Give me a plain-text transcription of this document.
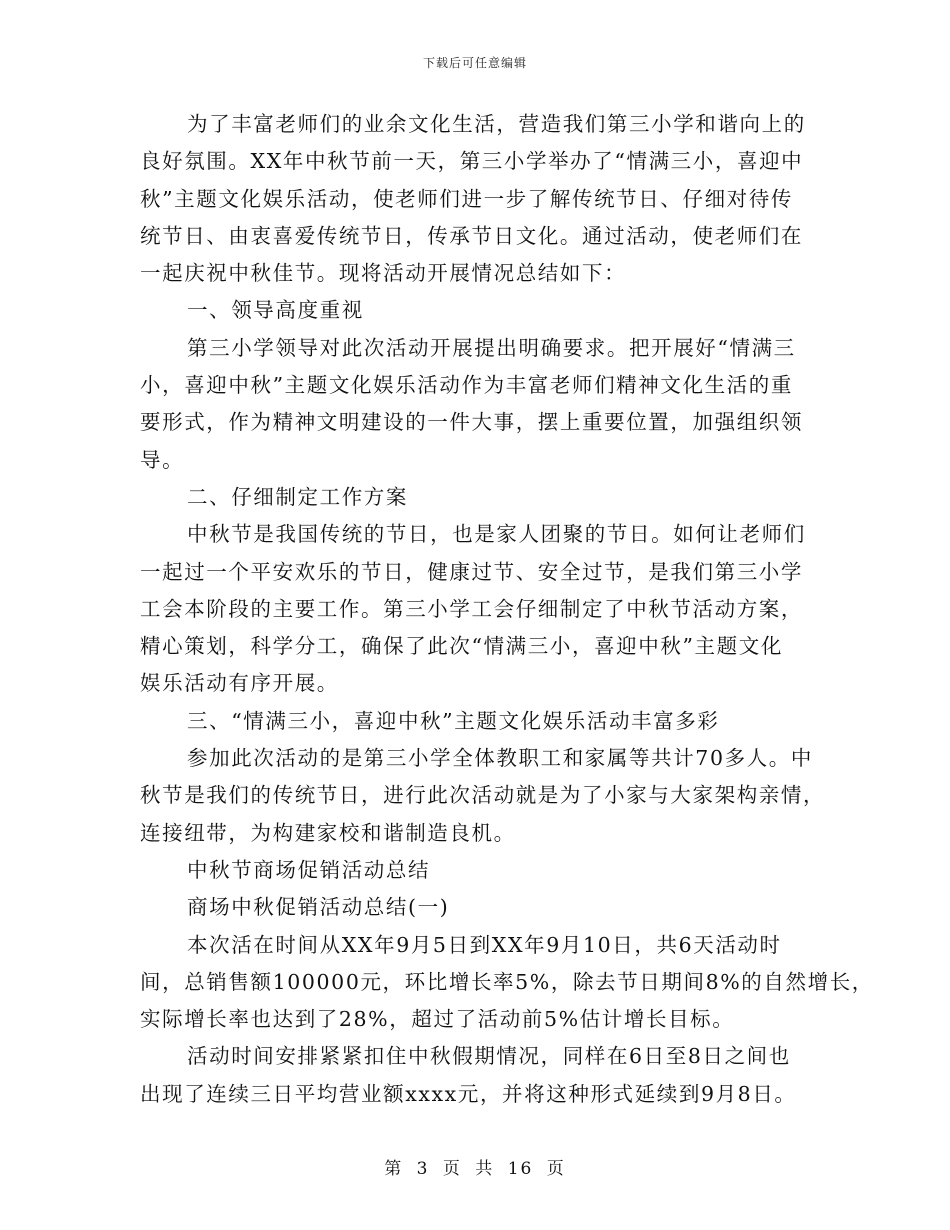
下载后可任意编辑
为了丰富老师们的业余文化生活，营造我们第三小学和谐向上的
良好氛围。XX年中秋节前一天，第三小学举办了“情满三小，喜迎中
秋”主题文化娱乐活动，使老师们进一步了解传统节日、仔细对待传
统节日、由衷喜爱传统节日，传承节日文化。通过活动，使老师们在
一起庆祝中秋佳节。现将活动开展情况总结如下：
一、领导高度重视
第三小学领导对此次活动开展提出明确要求。把开展好“情满三
小，喜迎中秋”主题文化娱乐活动作为丰富老师们精神文化生活的重
要形式，作为精神文明建设的一件大事，摆上重要位置，加强组织领
导。
二、仔细制定工作方案
中秋节是我国传统的节日，也是家人团聚的节日。如何让老师们
一起过一个平安欢乐的节日，健康过节、安全过节，是我们第三小学
工会本阶段的主要工作。第三小学工会仔细制定了中秋节活动方案，
精心策划，科学分工，确保了此次“情满三小，喜迎中秋”主题文化
娱乐活动有序开展。
三、“情满三小，喜迎中秋”主题文化娱乐活动丰富多彩
参加此次活动的是第三小学全体教职工和家属等共计70多人。中
秋节是我们的传统节日，进行此次活动就是为了小家与大家架构亲情，
连接纽带，为构建家校和谐制造良机。
中秋节商场促销活动总结
商场中秋促销活动总结(一)
本次活在时间从XX年9月5日到XX年9月10日，共6天活动时
间，总销售额100000元，环比增长率5%，除去节日期间8%的自然增长，
实际增长率也达到了28%，超过了活动前5%估计增长目标。
活动时间安排紧紧扣住中秋假期情况，同样在6日至8日之间也
出现了连续三日平均营业额xxxx元，并将这种形式延续到9月8日。
第 3 页 共 16 页
